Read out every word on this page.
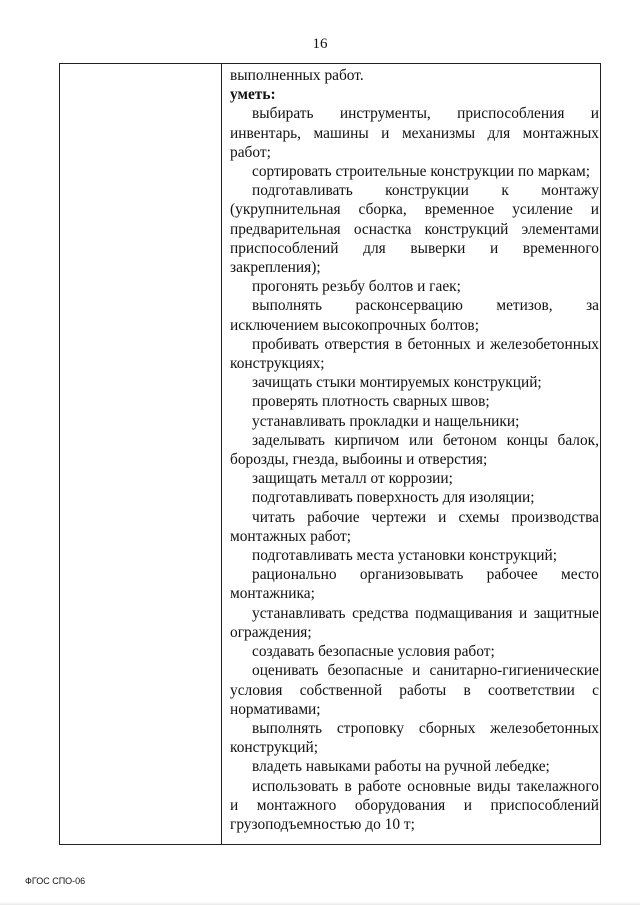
16

выполненных работ.

уметь:

выбирать инструменты, приспособления и инвентарь, машины и механизмы для монтажных работ;

сортировать строительные конструкции по маркам;

подготавливать конструкции к монтажу (укрупнительная сборка, временное усиление и предварительная оснастка конструкций элементами приспособлений для выверки и временного закрепления);

прогонять резьбу болтов и гаек;

выполнять расконсервацию метизов, за исключением высокопрочных болтов;

пробивать отверстия в бетонных и железобетонных конструкциях;

зачищать стыки монтируемых конструкций;

проверять плотность сварных швов;

устанавливать прокладки и нащельники;

заделывать кирпичом или бетоном концы балок, борозды, гнезда, выбоины и отверстия;

защищать металл от коррозии;

подготавливать поверхность для изоляции;

читать рабочие чертежи и схемы производства монтажных работ;

подготавливать места установки конструкций;

рационально организовывать рабочее место монтажника;

устанавливать средства подмащивания и защитные ограждения;

создавать безопасные условия работ;

оценивать безопасные и санитарно-гигиенические условия собственной работы в соответствии с нормативами;

выполнять строповку сборных железобетонных конструкций;

владеть навыками работы на ручной лебедке;

использовать в работе основные виды такелажного и монтажного оборудования и приспособлений грузоподъемностью до 10 т;

ФГОС СПО-06
